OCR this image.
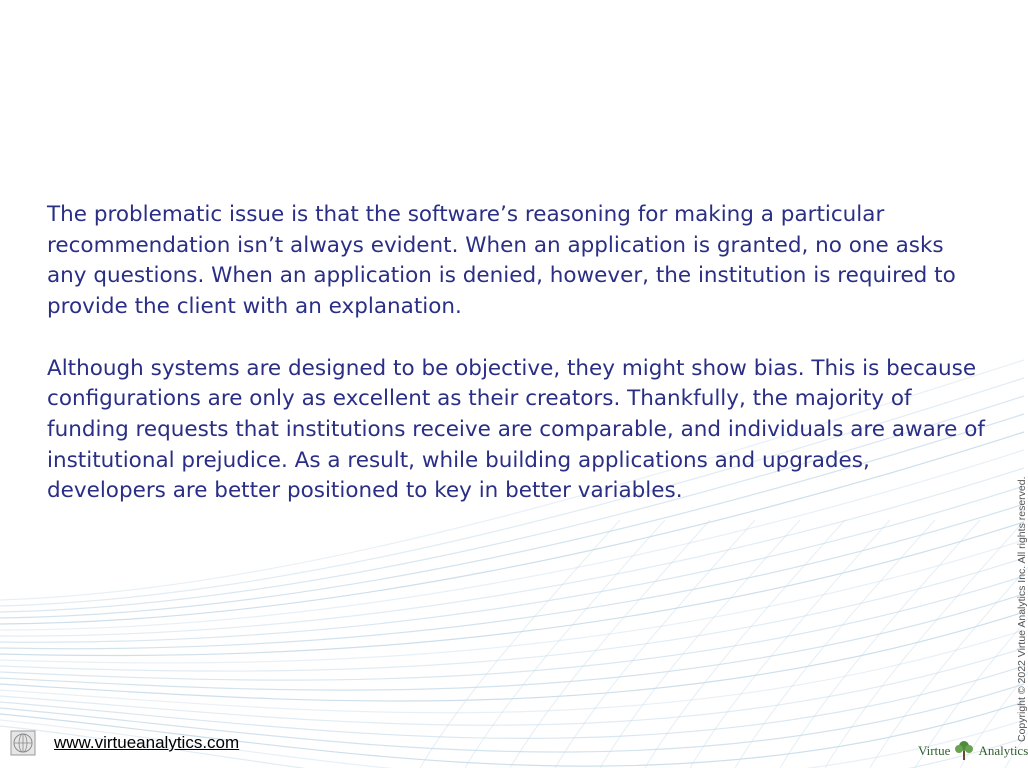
The problematic issue is that the software’s reasoning for making a particular recommendation isn’t always evident. When an application is granted, no one asks any questions. When an application is denied, however, the institution is required to provide the client with an explanation.

Although systems are designed to be objective, they might show bias. This is because configurations are only as excellent as their creators. Thankfully, the majority of funding requests that institutions receive are comparable, and individuals are aware of institutional prejudice. As a result, while building applications and upgrades, developers are better positioned to key in better variables.	Copyright © 2022 Virtue Analytics Inc. All rights reserved.
www.virtueanalytics.com	Virtue Analytics
